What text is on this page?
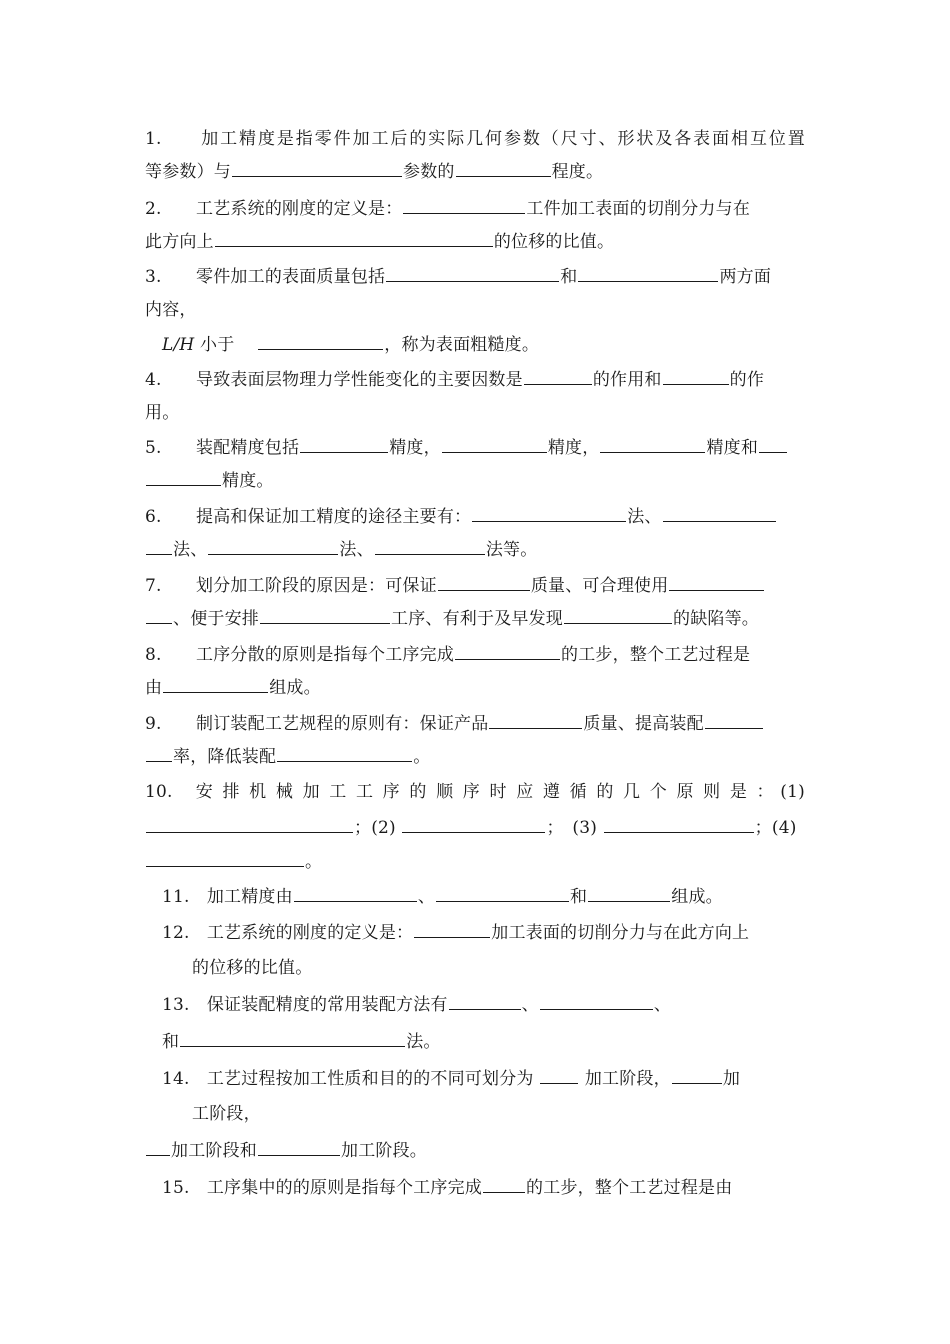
1.　　加工精度是指零件加工后的实际几何参数（尺寸、形状及各表面相互位置
等参数）与	参数的	程度。
2.　　工艺系统的刚度的定义是：	工件加工表面的切削分力与在
此方向上	的位移的比值。
3.　　零件加工的表面质量包括	和	两方面
内容，
L/H 小于　	，称为表面粗糙度。
4.　　导致表面层物理力学性能变化的主要因数是	的作用和	的作
用。
5.　　装配精度包括	精度，	精度，	精度和
精度。
6.　　提高和保证加工精度的途径主要有：	法、
法、	法、	法等。
7.　　划分加工阶段的原因是：可保证	质量、可合理使用
、便于安排	工序、有利于及早发现	的缺陷等。
8.　　工序分散的原则是指每个工序完成	的工步，整个工艺过程是
由	组成。
9.　　制订装配工艺规程的原则有：保证产品	质量、提高装配
率，降低装配	。
10.　安 排 机 械 加 工 工 序 的 顺 序 时 应 遵 循 的 几 个 原 则 是 ： (1)
；(2)	；　(3)	；(4)
。
11.　加工精度由	、	和	组成。
12.　工艺系统的刚度的定义是：	加工表面的切削分力与在此方向上
的位移的比值。
13.　保证装配精度的常用装配方法有	、	、
和	法。
14.　工艺过程按加工性质和目的的不同可划分为  加工阶段，	加
工阶段，
加工阶段和	加工阶段。
15.　工序集中的的原则是指每个工序完成	的工步，整个工艺过程是由
